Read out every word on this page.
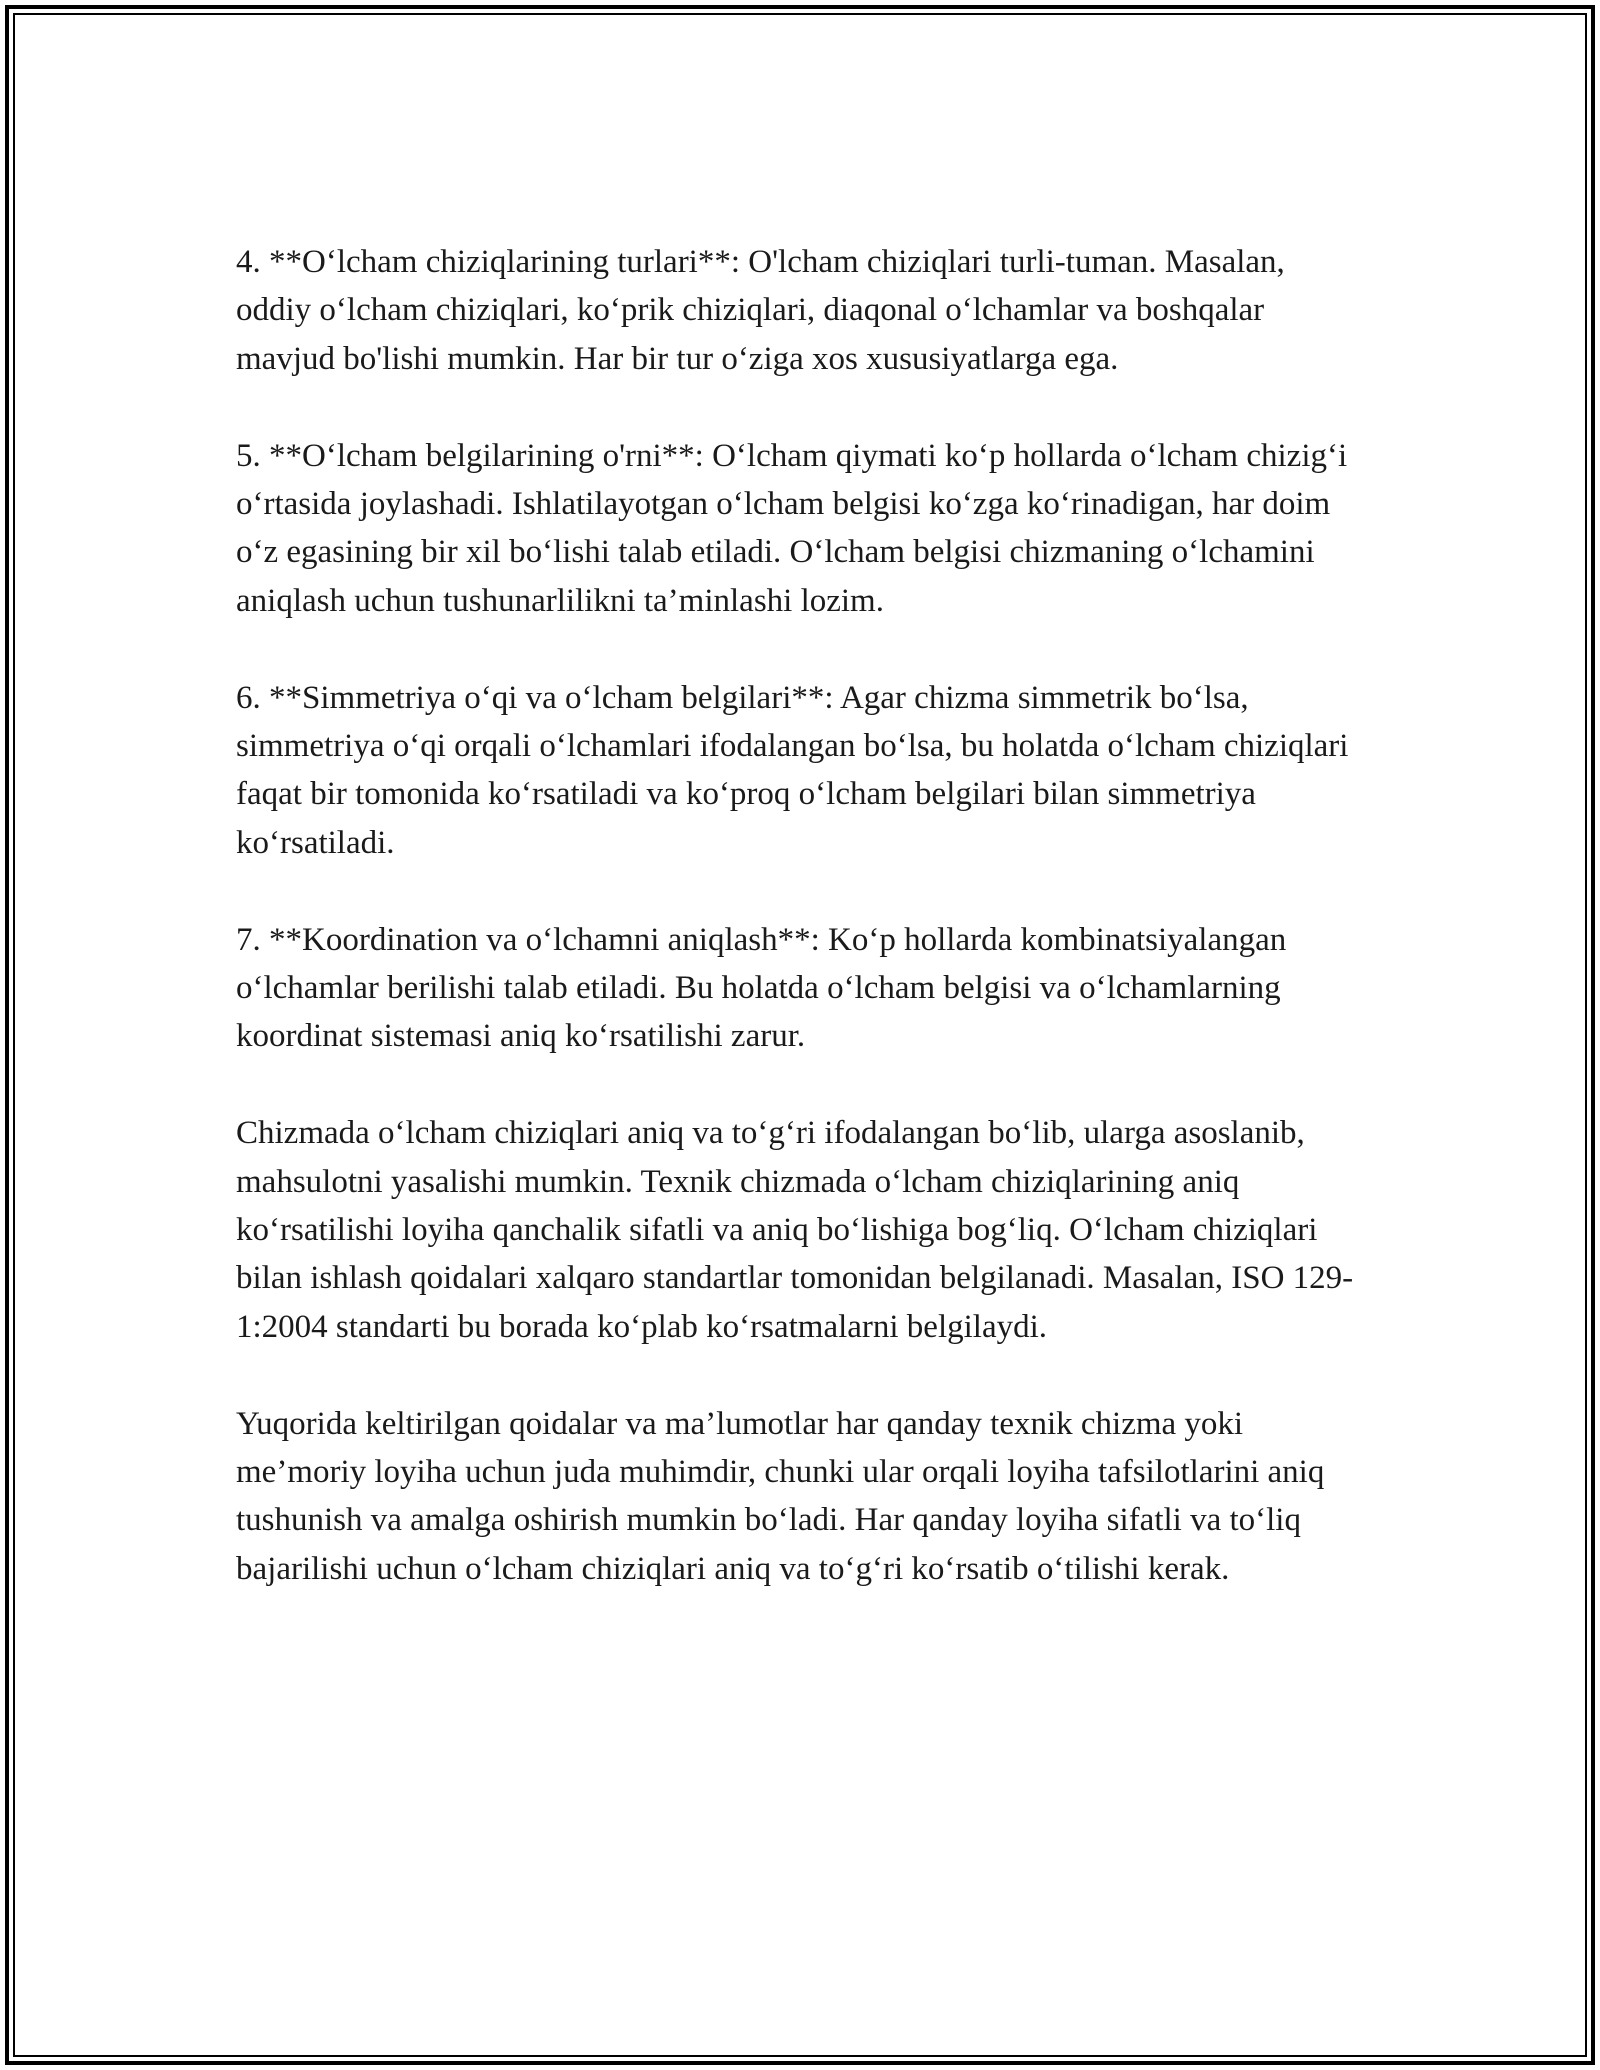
4. **O‘lcham chiziqlarining turlari**: O'lcham chiziqlari turli-tuman. Masalan, oddiy o‘lcham chiziqlari, ko‘prik chiziqlari, diaqonal o‘lchamlar va boshqalar mavjud bo'lishi mumkin. Har bir tur o‘ziga xos xususiyatlarga ega.

5. **O‘lcham belgilarining o'rni**: O‘lcham qiymati ko‘p hollarda o‘lcham chizig‘i o‘rtasida joylashadi. Ishlatilayotgan o‘lcham belgisi ko‘zga ko‘rinadigan, har doim o‘z egasining bir xil bo‘lishi talab etiladi. O‘lcham belgisi chizmaning o‘lchamini aniqlash uchun tushunarlilikni ta’minlashi lozim.

6. **Simmetriya o‘qi va o‘lcham belgilari**: Agar chizma simmetrik bo‘lsa, simmetriya o‘qi orqali o‘lchamlari ifodalangan bo‘lsa, bu holatda o‘lcham chiziqlari faqat bir tomonida ko‘rsatiladi va ko‘proq o‘lcham belgilari bilan simmetriya ko‘rsatiladi.

7. **Koordination va o‘lchamni aniqlash**: Ko‘p hollarda kombinatsiyalangan o‘lchamlar berilishi talab etiladi. Bu holatda o‘lcham belgisi va o‘lchamlarning koordinat sistemasi aniq ko‘rsatilishi zarur.

Chizmada o‘lcham chiziqlari aniq va to‘g‘ri ifodalangan bo‘lib, ularga asoslanib, mahsulotni yasalishi mumkin. Texnik chizmada o‘lcham chiziqlarining aniq ko‘rsatilishi loyiha qanchalik sifatli va aniq bo‘lishiga bog‘liq. O‘lcham chiziqlari bilan ishlash qoidalari xalqaro standartlar tomonidan belgilanadi. Masalan, ISO 129-1:2004 standarti bu borada ko‘plab ko‘rsatmalarni belgilaydi.

Yuqorida keltirilgan qoidalar va ma’lumotlar har qanday texnik chizma yoki me’moriy loyiha uchun juda muhimdir, chunki ular orqali loyiha tafsilotlarini aniq tushunish va amalga oshirish mumkin bo‘ladi. Har qanday loyiha sifatli va to‘liq bajarilishi uchun o‘lcham chiziqlari aniq va to‘g‘ri ko‘rsatib o‘tilishi kerak.
